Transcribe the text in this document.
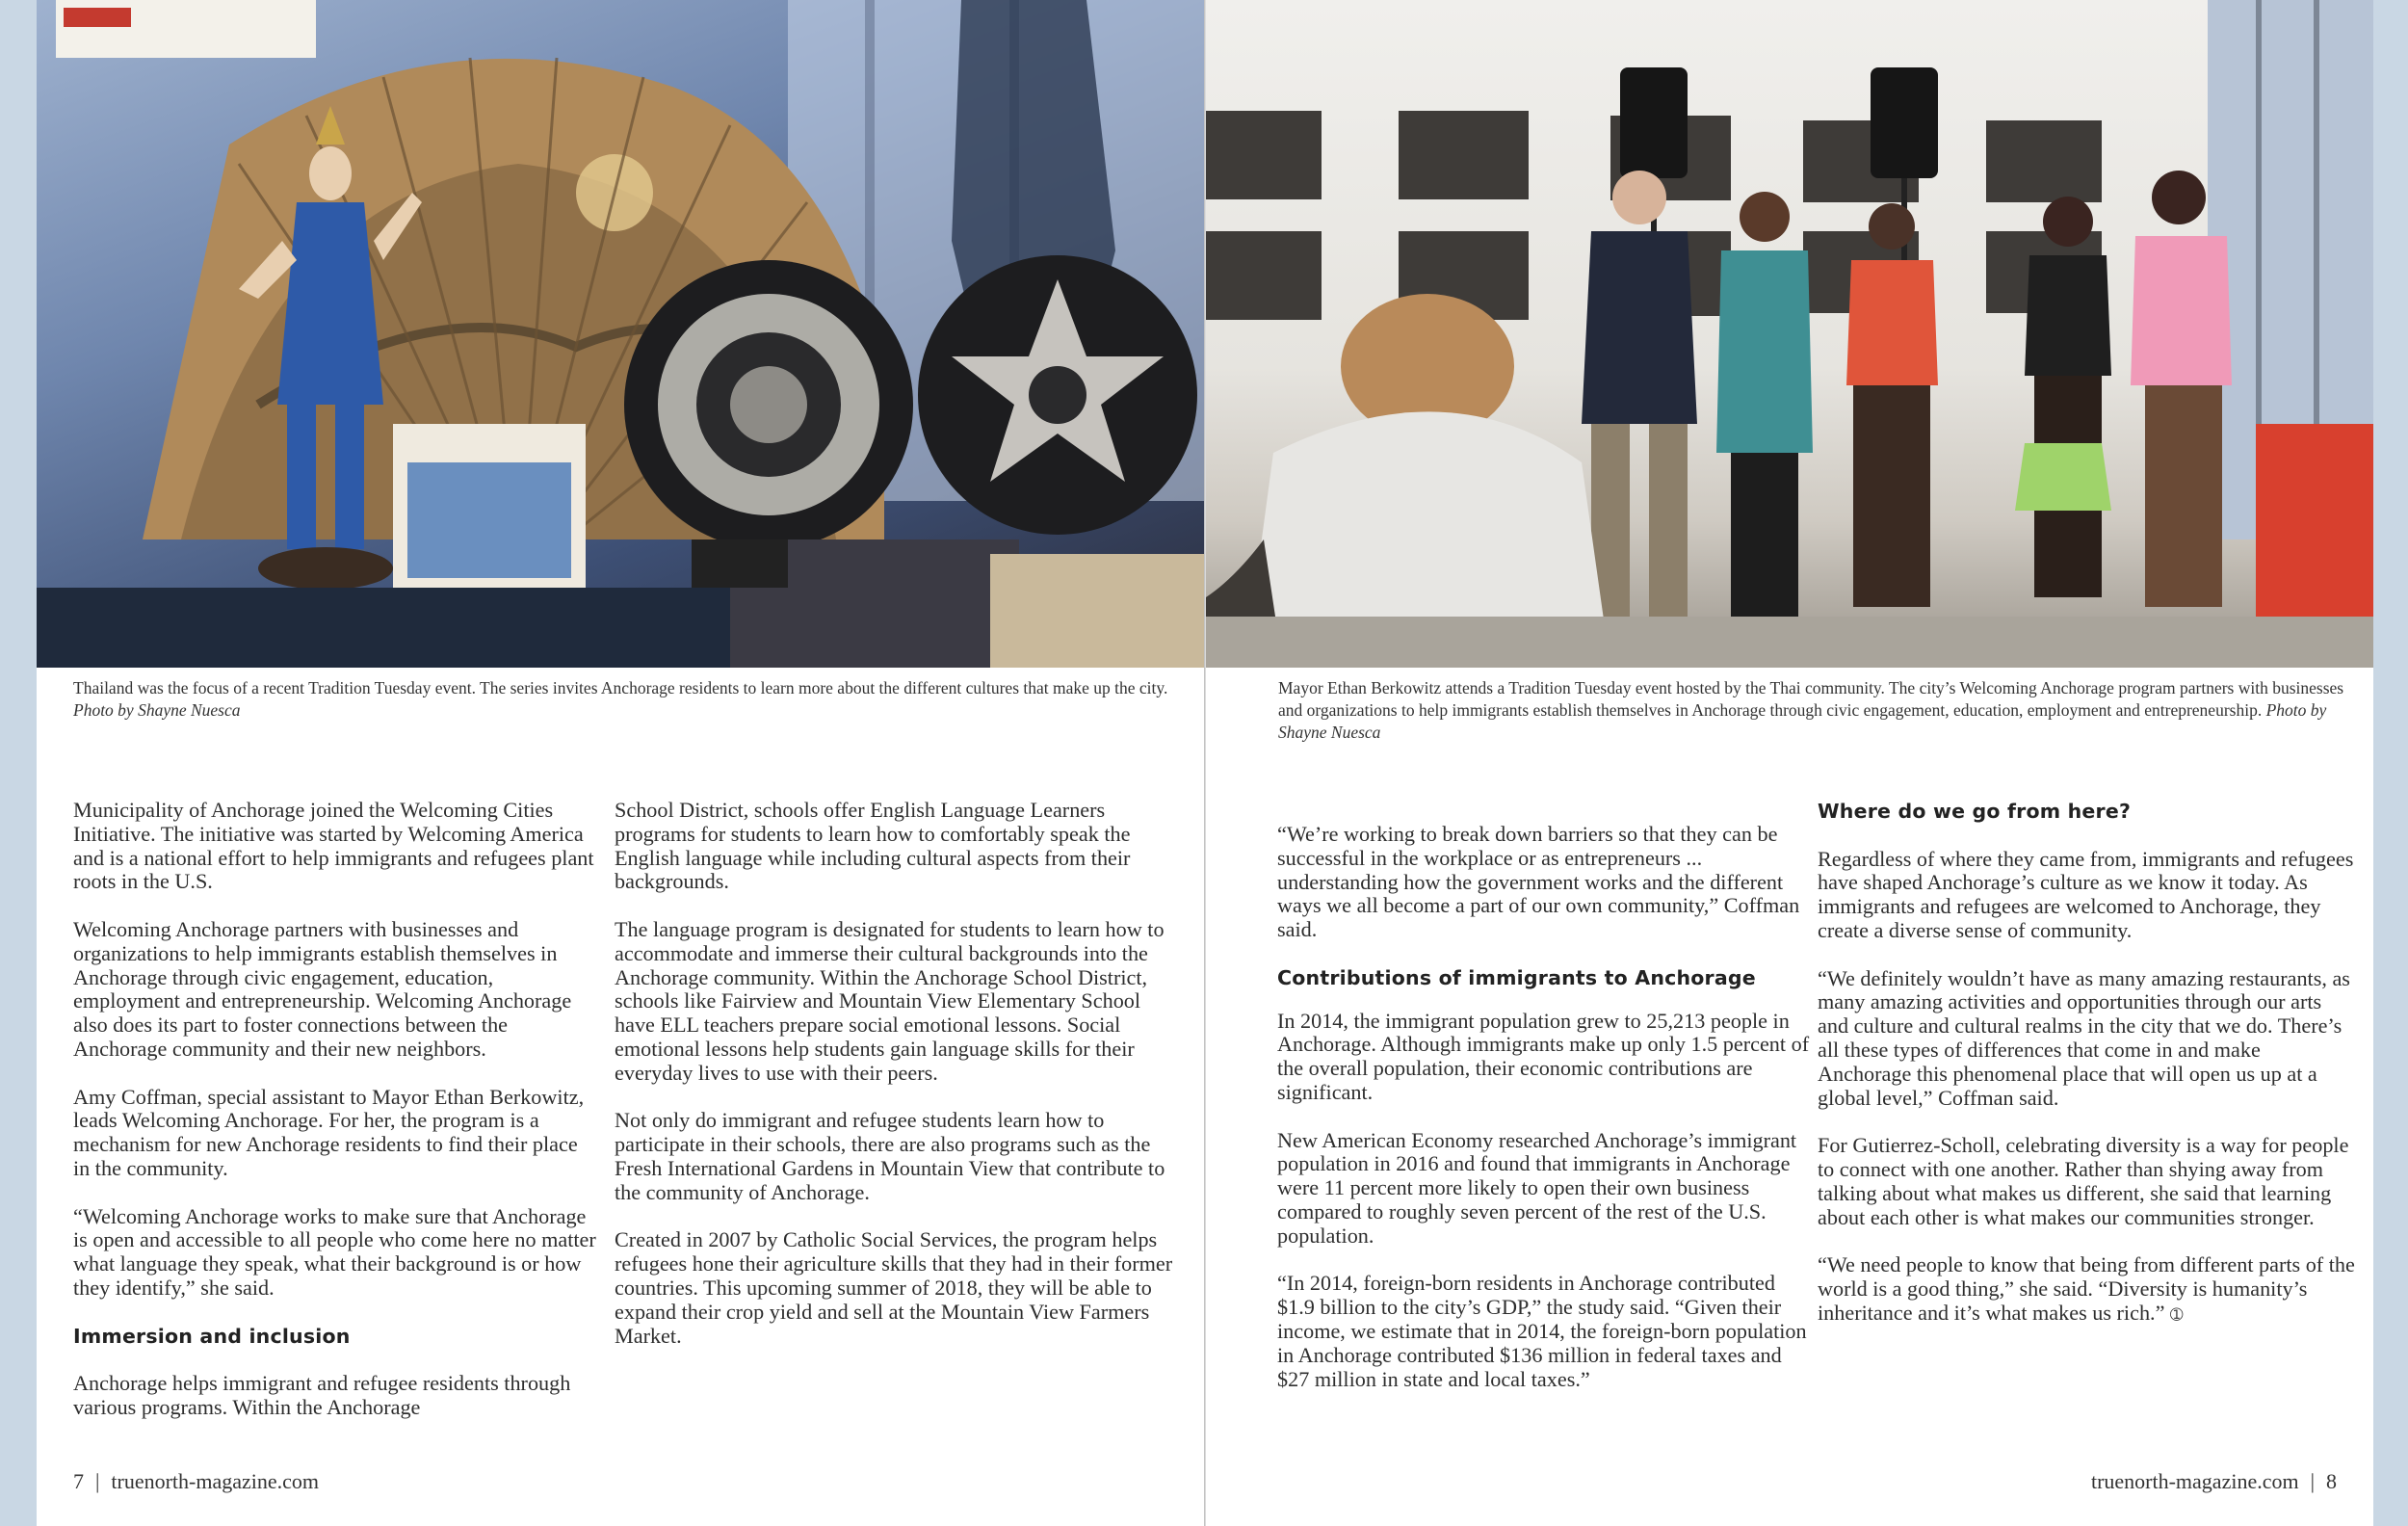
Thailand was the focus of a recent Tradition Tuesday event. The series invites Anchorage residents to learn more about the different cultures that make up the city. Photo by Shayne Nuesca

Municipality of Anchorage joined the Welcoming Cities Initiative. The initiative was started by Welcoming America and is a national effort to help immigrants and refugees plant roots in the U.S.

Welcoming Anchorage partners with businesses and organizations to help immigrants establish themselves in Anchorage through civic engagement, education, employment and entrepreneurship. Welcoming Anchorage also does its part to foster connections between the Anchorage community and their new neighbors.

Amy Coffman, special assistant to Mayor Ethan Berkowitz, leads Welcoming Anchorage. For her, the program is a mechanism for new Anchorage residents to find their place in the community.

“Welcoming Anchorage works to make sure that Anchorage is open and accessible to all people who come here no matter what language they speak, what their background is or how they identify,” she said.

Immersion and inclusion

Anchorage helps immigrant and refugee residents through various programs. Within the Anchorage

School District, schools offer English Language Learners programs for students to learn how to comfortably speak the English language while including cultural aspects from their backgrounds.

The language program is designated for students to learn how to accommodate and immerse their cultural backgrounds into the Anchorage community. Within the Anchorage School District, schools like Fairview and Mountain View Elementary School have ELL teachers prepare social emotional lessons. Social emotional lessons help students gain language skills for their everyday lives to use with their peers.

Not only do immigrant and refugee students learn how to participate in their schools, there are also programs such as the Fresh International Gardens in Mountain View that contribute to the community of Anchorage.

Created in 2007 by Catholic Social Services, the program helps refugees hone their agriculture skills that they had in their former countries. This upcoming summer of 2018, they will be able to expand their crop yield and sell at the Mountain View Farmers Market.

7 | truenorth-magazine.com
Mayor Ethan Berkowitz attends a Tradition Tuesday event hosted by the Thai community. The city’s Welcoming Anchorage program partners with businesses and organizations to help immigrants establish themselves in Anchorage through civic engagement, education, employment and entrepreneurship. Photo by Shayne Nuesca

“We’re working to break down barriers so that they can be successful in the workplace or as entrepreneurs ... understanding how the government works and the different ways we all become a part of our own community,” Coffman said.

Contributions of immigrants to Anchorage

In 2014, the immigrant population grew to 25,213 people in Anchorage. Although immigrants make up only 1.5 percent of the overall population, their economic contributions are significant.

New American Economy researched Anchorage’s immigrant population in 2016 and found that immigrants in Anchorage were 11 percent more likely to open their own business compared to roughly seven percent of the rest of the U.S. population.

“In 2014, foreign-born residents in Anchorage contributed $1.9 billion to the city’s GDP,” the study said. “Given their income, we estimate that in 2014, the foreign-born population in Anchorage contributed $136 million in federal taxes and $27 million in state and local taxes.”

Where do we go from here?

Regardless of where they came from, immigrants and refugees have shaped Anchorage’s culture as we know it today. As immigrants and refugees are welcomed to Anchorage, they create a diverse sense of community.

“We definitely wouldn’t have as many amazing restaurants, as many amazing activities and opportunities through our arts and culture and cultural realms in the city that we do. There’s all these types of differences that come in and make Anchorage this phenomenal place that will open us up at a global level,” Coffman said.

For Gutierrez-Scholl, celebrating diversity is a way for people to connect with one another. Rather than shying away from talking about what makes us different, she said that learning about each other is what makes our communities stronger.

“We need people to know that being from different parts of the world is a good thing,” she said. “Diversity is humanity’s inheritance and it’s what makes us rich.” ➀

truenorth-magazine.com | 8
